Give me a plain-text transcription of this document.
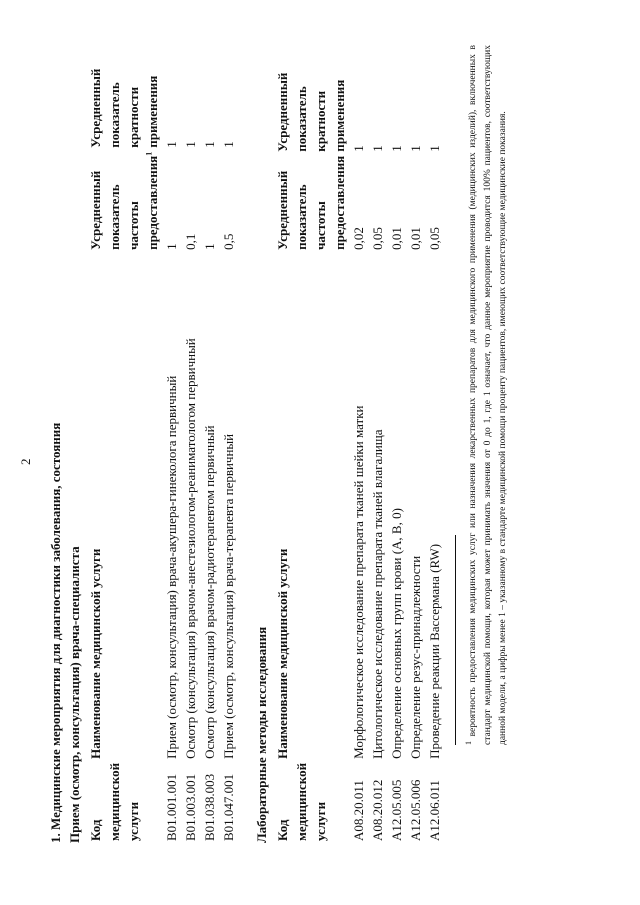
2 1. Медицинские мероприятия для диагностики заболевания, состояния Прием (осмотр, консультация) врача-специалиста Код медицинской услуги	Наименование медицинской услуги	Усредненный показатель частоты предоставления$^1$	Усредненный показатель кратности применения
B01.001.001	Прием (осмотр, консультация) врача-акушера-гинеколога первичный	1	1
B01.003.001	Осмотр (консультация) врачом-анестезиологом-реаниматологом первичный	0,1	1
B01.038.003	Осмотр (консультация) врачом-радиотерапевтом первичный	1	1
B01.047.001	Прием (осмотр, консультация) врача-терапевта первичный	0,5	1
Лабораторные методы исследования Код медицинской услуги	Наименование медицинской услуги	Усредненный показатель частоты предоставления	Усредненный показатель кратности применения
A08.20.011	Морфологическое исследование препарата тканей шейки матки	0,02	1
A08.20.012	Цитологическое исследование препарата тканей влагалища	0,05	1
A12.05.005	Определение основных групп крови (A, B, 0)	0,01	1
A12.05.006	Определение резус-принадлежности	0,01	1
A12.06.011	Проведение реакции Вассермана (RW)	0,05	1
$^1$ вероятность предоставления медицинских услуг или назначения лекарственных препаратов для медицинского применения (медицинских изделий), включенных в стандарт медицинской помощи, которая может принимать значения от 0 до 1, где 1 означает, что данное мероприятие проводится 100% пациентов, соответствующих данной модели, а цифры менее 1 – указанному в стандарте медицинской помощи проценту пациентов, имеющих соответствующие медицинские показания.
